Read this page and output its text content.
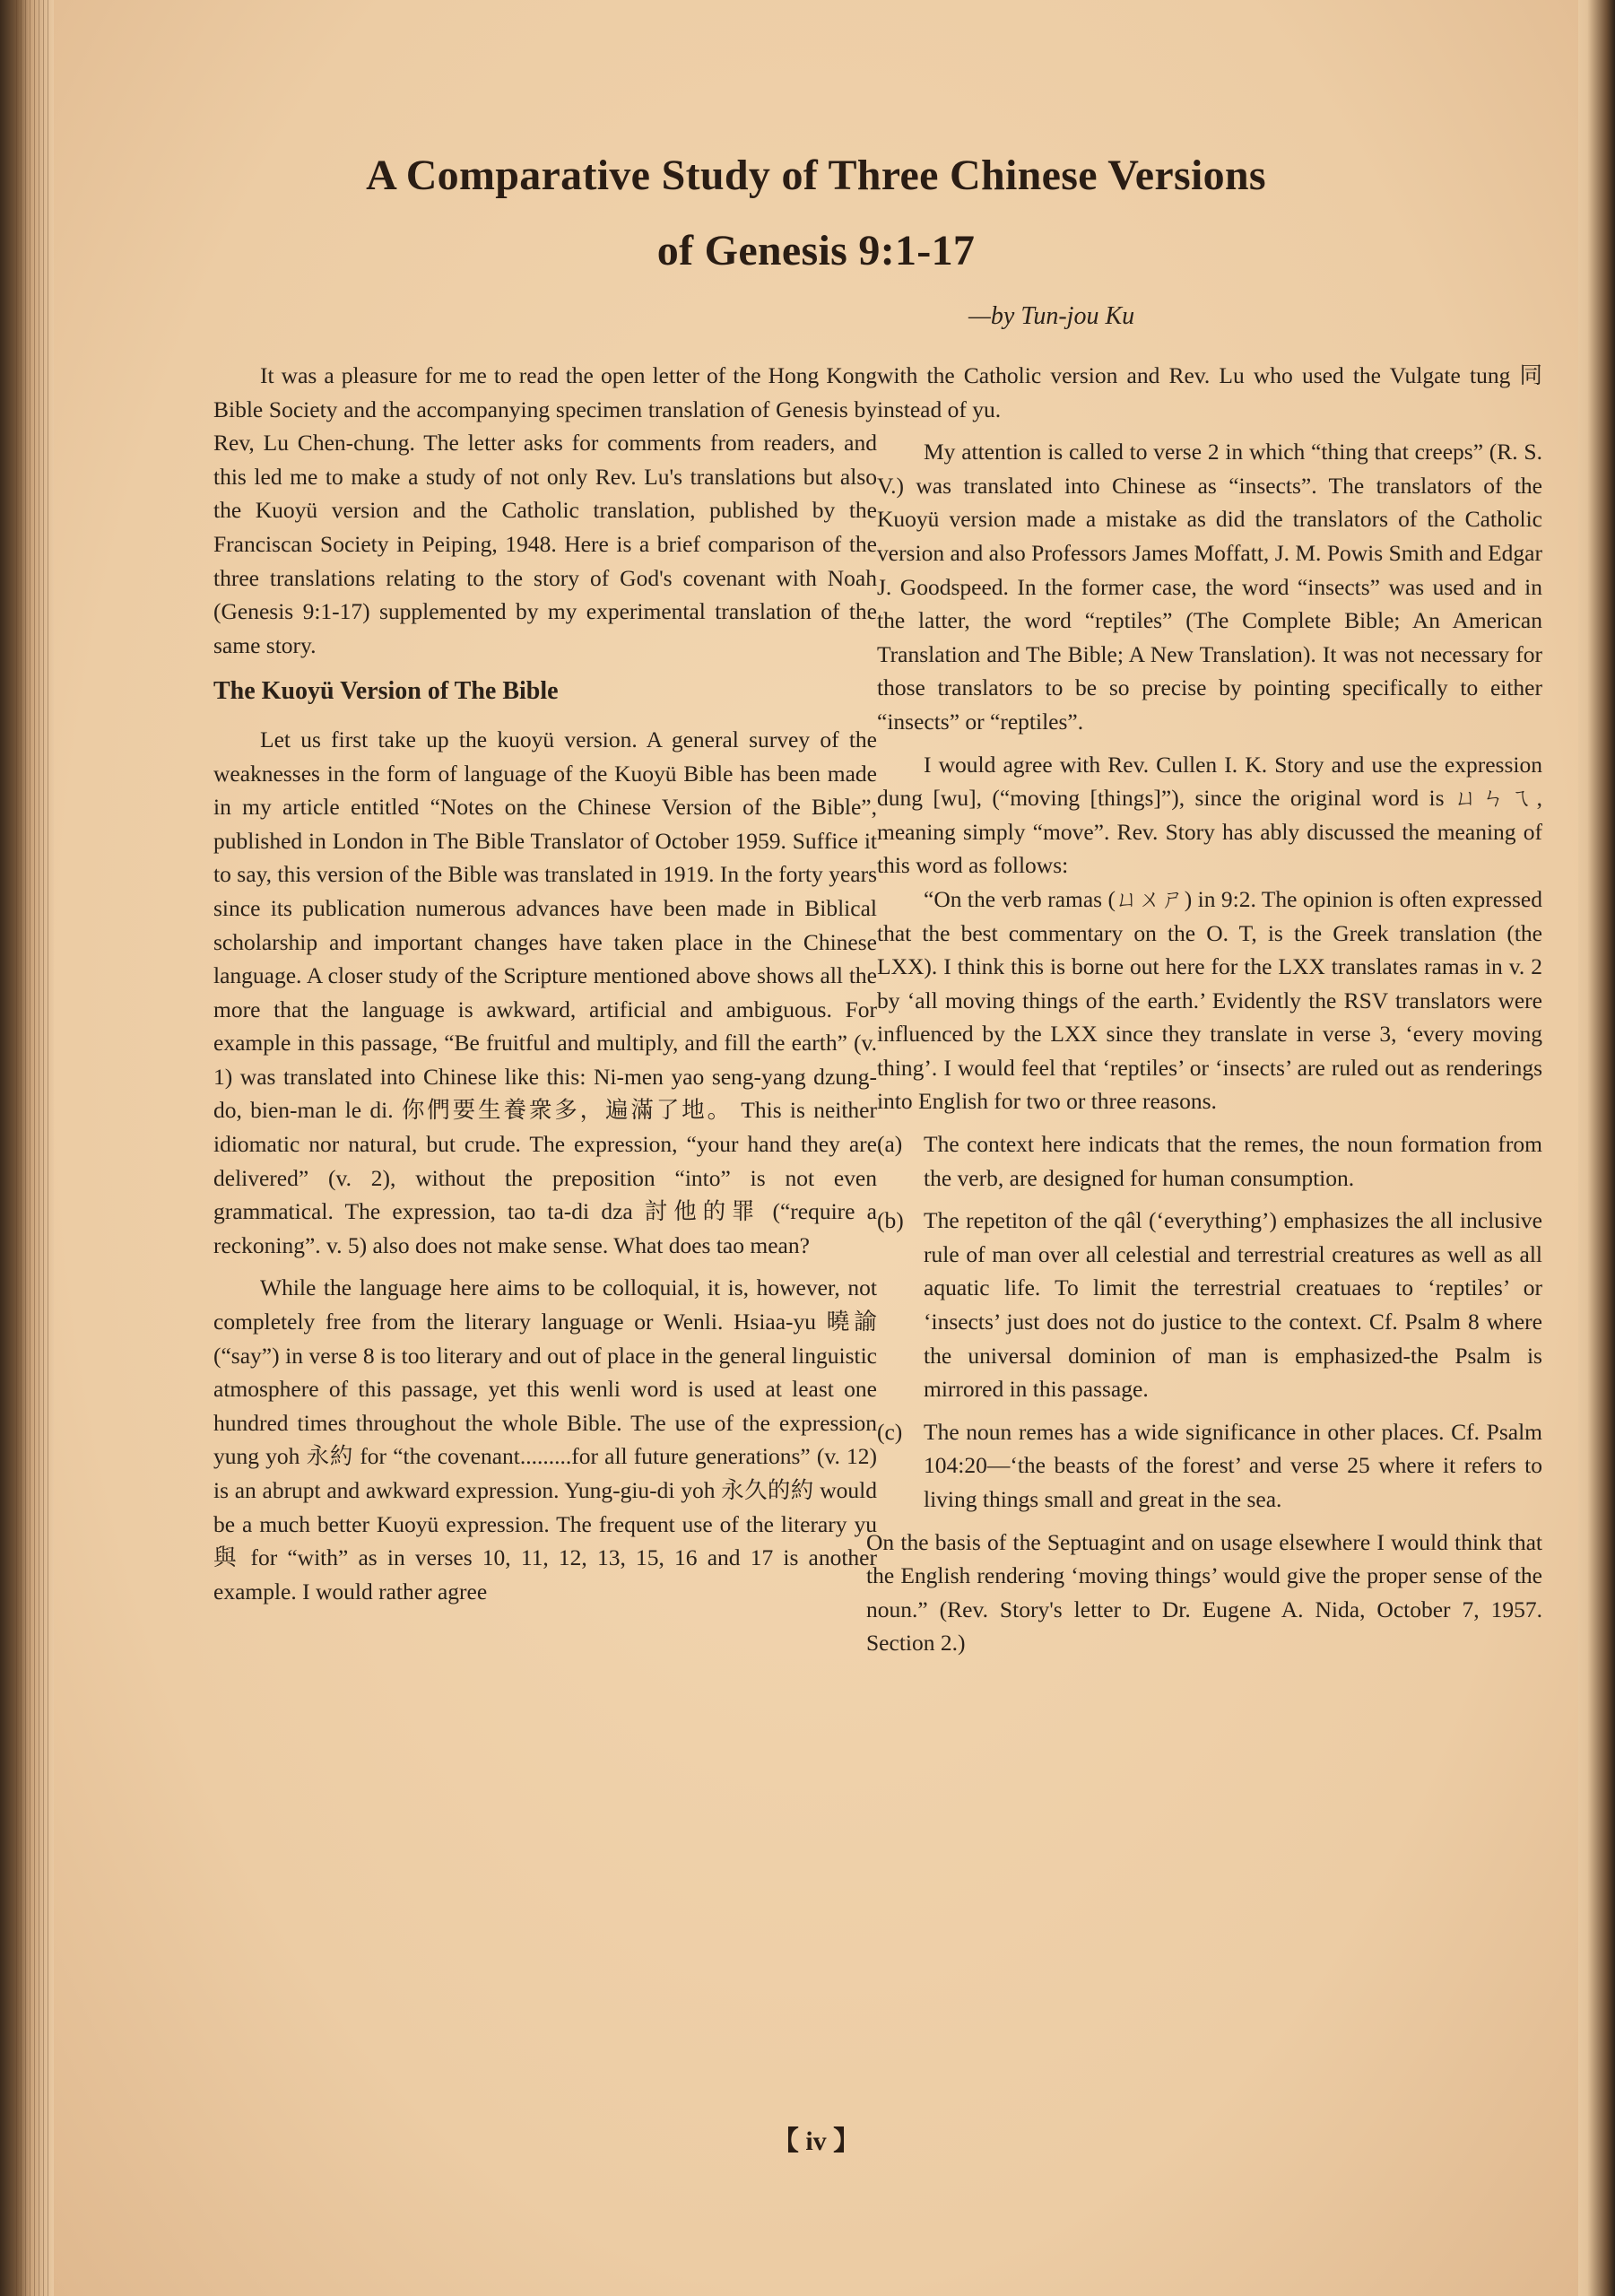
A Comparative Study of Three Chinese Versions
of Genesis 9:1-17
—by Tun-jou Ku

It was a pleasure for me to read the open letter of the Hong Kong Bible Society and the accompanying specimen translation of Genesis by Rev, Lu Chen-chung. The letter asks for comments from readers, and this led me to make a study of not only Rev. Lu's translations but also the Kuoyü version and the Catholic translation, published by the Franciscan Society in Peiping, 1948. Here is a brief comparison of the three translations relating to the story of God's covenant with Noah (Genesis 9:1-17) supplemented by my experimental translation of the same story.

The Kuoyü Version of The Bible

Let us first take up the kuoyü version. A general survey of the weaknesses in the form of language of the Kuoyü Bible has been made in my article entitled “Notes on the Chinese Version of the Bible”, published in London in The Bible Translator of October 1959. Suffice it to say, this version of the Bible was translated in 1919. In the forty years since its publication numerous advances have been made in Biblical scholarship and important changes have taken place in the Chinese language. A closer study of the Scripture mentioned above shows all the more that the language is awkward, artificial and ambiguous. For example in this passage, “Be fruitful and multiply, and fill the earth” (v. 1) was translated into Chinese like this: Ni-men yao seng-yang dzung-do, bien-man le di. 你們要生養衆多，遍滿了地。 This is neither idiomatic nor natural, but crude. The expression, “your hand they are delivered” (v. 2), without the preposition “into” is not even grammatical. The expression, tao ta-di dza 討他的罪 (“require a reckoning”. v. 5) also does not make sense. What does tao mean?

While the language here aims to be colloquial, it is, however, not completely free from the literary language or Wenli. Hsiaa-yu 曉諭 (“say”) in verse 8 is too literary and out of place in the general linguistic atmosphere of this passage, yet this wenli word is used at least one hundred times throughout the whole Bible. The use of the expression yung yoh 永約 for “the covenant.........for all future generations” (v. 12) is an abrupt and awkward expression. Yung-giu-di yoh 永久的約 would be a much better Kuoyü expression. The frequent use of the literary yu 與 for “with” as in verses 10, 11, 12, 13, 15, 16 and 17 is another example. I would rather agree

with the Catholic version and Rev. Lu who used the Vulgate tung 同 instead of yu.

My attention is called to verse 2 in which “thing that creeps” (R. S. V.) was translated into Chinese as “insects”. The translators of the Kuoyü version made a mistake as did the translators of the Catholic version and also Professors James Moffatt, J. M. Powis Smith and Edgar J. Goodspeed. In the former case, the word “insects” was used and in the latter, the word “reptiles” (The Complete Bible; An American Translation and The Bible; A New Translation). It was not necessary for those translators to be so precise by pointing specifically to either “insects” or “reptiles”.

I would agree with Rev. Cullen I. K. Story and use the expression dung [wu], (“moving [things]”), since the original word is ㄩㄣㄟ, meaning simply “move”. Rev. Story has ably discussed the meaning of this word as follows:

“On the verb ramas (ㄩㄨㄕ) in 9:2. The opinion is often expressed that the best commentary on the O. T, is the Greek translation (the LXX). I think this is borne out here for the LXX translates ramas in v. 2 by ‘all moving things of the earth.’ Evidently the RSV translators were influenced by the LXX since they translate in verse 3, ‘every moving thing’. I would feel that ‘reptiles’ or ‘insects’ are ruled out as renderings into English for two or three reasons.

(a) The context here indicats that the remes, the noun formation from the verb, are designed for human consumption.
(b) The repetiton of the qâl (‘everything’) emphasizes the all inclusive rule of man over all celestial and terrestrial creatures as well as all aquatic life. To limit the terrestrial creatuaes to ‘reptiles’ or ‘insects’ just does not do justice to the context. Cf. Psalm 8 where the universal dominion of man is emphasized-the Psalm is mirrored in this passage.
(c) The noun remes has a wide significance in other places. Cf. Psalm 104:20—‘the beasts of the forest’ and verse 25 where it refers to living things small and great in the sea.

On the basis of the Septuagint and on usage elsewhere I would think that the English rendering ‘moving things’ would give the proper sense of the noun.” (Rev. Story's letter to Dr. Eugene A. Nida, October 7, 1957. Section 2.)

【 iv 】
